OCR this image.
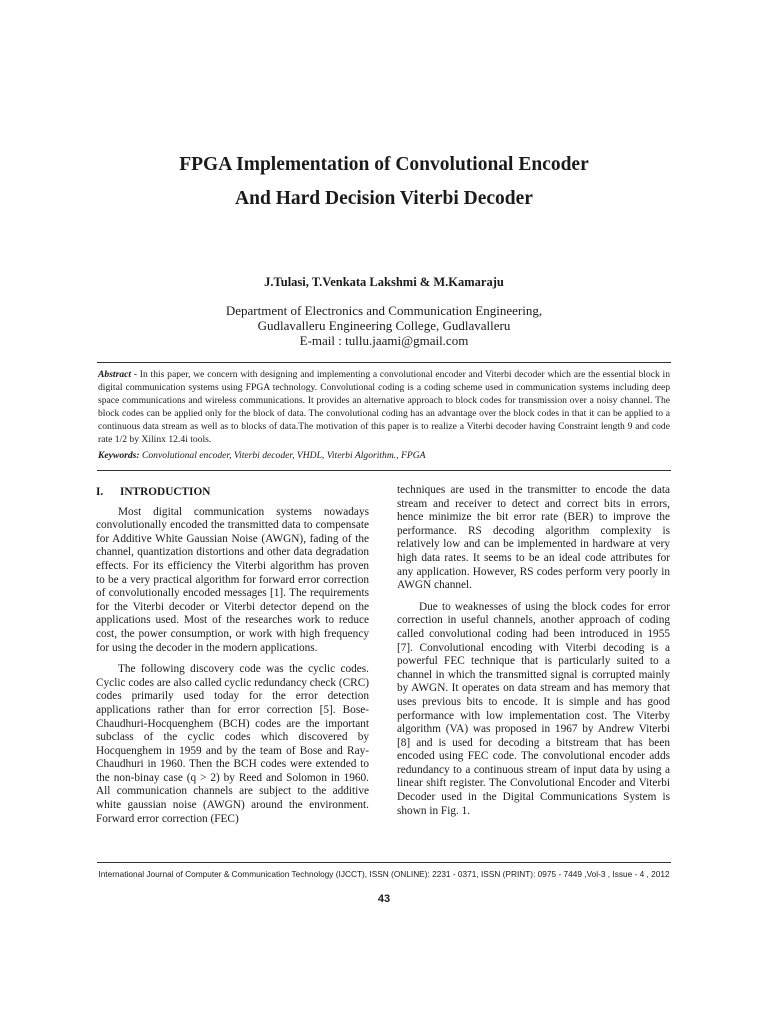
FPGA Implementation of Convolutional Encoder
And Hard Decision Viterbi Decoder
J.Tulasi, T.Venkata Lakshmi & M.Kamaraju
Department of Electronics and Communication Engineering,
Gudlavalleru Engineering College, Gudlavalleru
E-mail : tullu.jaami@gmail.com
Abstract - In this paper, we concern with designing and implementing a convolutional encoder and Viterbi decoder which are the essential block in digital communication systems using FPGA technology. Convolutional coding is a coding scheme used in communication systems including deep space communications and wireless communications. It provides an alternative approach to block codes for transmission over a noisy channel. The block codes can be applied only for the block of data. The convolutional coding has an advantage over the block codes in that it can be applied to a continuous data stream as well as to blocks of data.The motivation of this paper is to realize a Viterbi decoder having Constraint length 9 and code rate 1/2 by Xilinx 12.4i tools.
Keywords: Convolutional encoder, Viterbi decoder, VHDL, Viterbi Algorithm., FPGA
I. INTRODUCTION

Most digital communication systems nowadays convolutionally encoded the transmitted data to compensate for Additive White Gaussian Noise (AWGN), fading of the channel, quantization distortions and other data degradation effects. For its efficiency the Viterbi algorithm has proven to be a very practical algorithm for forward error correction of convolutionally encoded messages [1]. The requirements for the Viterbi decoder or Viterbi detector depend on the applications used. Most of the researches work to reduce cost, the power consumption, or work with high frequency for using the decoder in the modern applications.

The following discovery code was the cyclic codes. Cyclic codes are also called cyclic redundancy check (CRC) codes primarily used today for the error detection applications rather than for error correction [5]. Bose-Chaudhuri-Hocquenghem (BCH) codes are the important subclass of the cyclic codes which discovered by Hocquenghem in 1959 and by the team of Bose and Ray-Chaudhuri in 1960. Then the BCH codes were extended to the non-binay case (q > 2) by Reed and Solomon in 1960. All communication channels are subject to the additive white gaussian noise (AWGN) around the environment. Forward error correction (FEC)

techniques are used in the transmitter to encode the data stream and receiver to detect and correct bits in errors, hence minimize the bit error rate (BER) to improve the performance. RS decoding algorithm complexity is relatively low and can be implemented in hardware at very high data rates. It seems to be an ideal code attributes for any application. However, RS codes perform very poorly in AWGN channel.

Due to weaknesses of using the block codes for error correction in useful channels, another approach of coding called convolutional coding had been introduced in 1955 [7]. Convolutional encoding with Viterbi decoding is a powerful FEC technique that is particularly suited to a channel in which the transmitted signal is corrupted mainly by AWGN. It operates on data stream and has memory that uses previous bits to encode. It is simple and has good performance with low implementation cost. The Viterby algorithm (VA) was proposed in 1967 by Andrew Viterbi [8] and is used for decoding a bitstream that has been encoded using FEC code. The convolutional encoder adds redundancy to a continuous stream of input data by using a linear shift register. The Convolutional Encoder and Viterbi Decoder used in the Digital Communications System is shown in Fig. 1.

International Journal of Computer & Communication Technology (IJCCT), ISSN (ONLINE): 2231 - 0371, ISSN (PRINT): 0975 - 7449 ,Vol-3 , Issue - 4 , 2012
43
